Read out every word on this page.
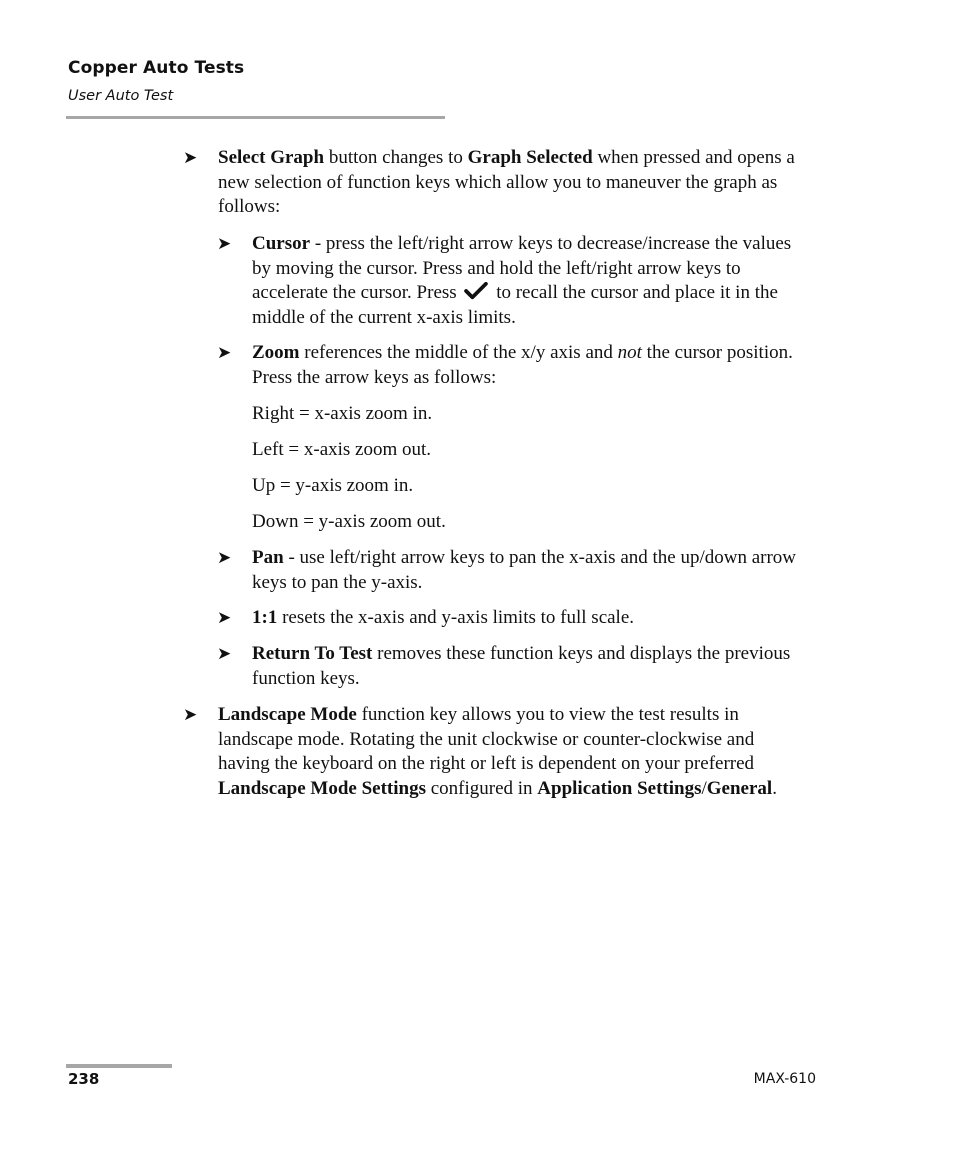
Copper Auto Tests
User Auto Test
➤ Select Graph button changes to Graph Selected when pressed and opens a new selection of function keys which allow you to maneuver the graph as follows:
➤ Cursor - press the left/right arrow keys to decrease/increase the values by moving the cursor. Press and hold the left/right arrow keys to accelerate the cursor. Press  to recall the cursor and place it in the middle of the current x-axis limits.
➤ Zoom references the middle of the x/y axis and not the cursor position. Press the arrow keys as follows:
Right = x-axis zoom in.
Left = x-axis zoom out.
Up = y-axis zoom in.
Down = y-axis zoom out.
➤ Pan - use left/right arrow keys to pan the x-axis and the up/down arrow keys to pan the y-axis.
➤ 1:1 resets the x-axis and y-axis limits to full scale.
➤ Return To Test removes these function keys and displays the previous function keys.
➤ Landscape Mode function key allows you to view the test results in landscape mode. Rotating the unit clockwise or counter-clockwise and having the keyboard on the right or left is dependent on your preferred Landscape Mode Settings configured in Application Settings/General.
238	MAX-610
